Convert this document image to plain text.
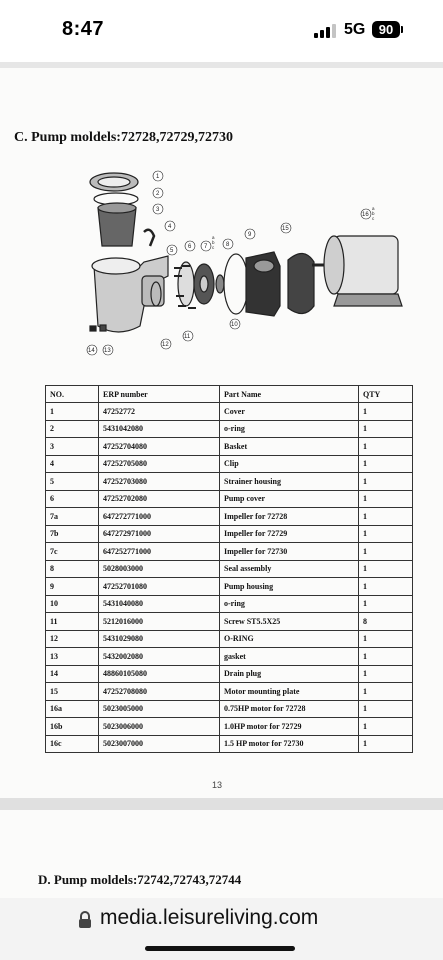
8:47	5G	90
C. Pump moldels:72728,72729,72730
1
2
3
4
5
6 7
a
b
c 8
9
10
11
12
13
14
15
16
a
b
c
NO.	ERP number	Part Name	QTY
1	47252772	Cover	1
2	5431042080	o-ring	1
3	47252704080	Basket	1
4	47252705080	Clip	1
5	47252703080	Strainer housing	1
6	47252702080	Pump cover	1
7a	647272771000	Impeller for 72728	1
7b	647272971000	Impeller for 72729	1
7c	647252771000	Impeller for 72730	1
8	5028003000	Seal assembly	1
9	47252701080	Pump housing	1
10	5431040080	o-ring	1
11	5212016000	Screw ST5.5X25	8
12	5431029080	O-RING	1
13	5432002080	gasket	1
14	48860105080	Drain plug	1
15	47252708080	Motor mounting plate	1
16a	5023005000	0.75HP motor for 72728	1
16b	5023006000	1.0HP motor for 72729	1
16c	5023007000	1.5 HP motor for 72730	1
13
D. Pump moldels:72742,72743,72744
media.leisureliving.com
